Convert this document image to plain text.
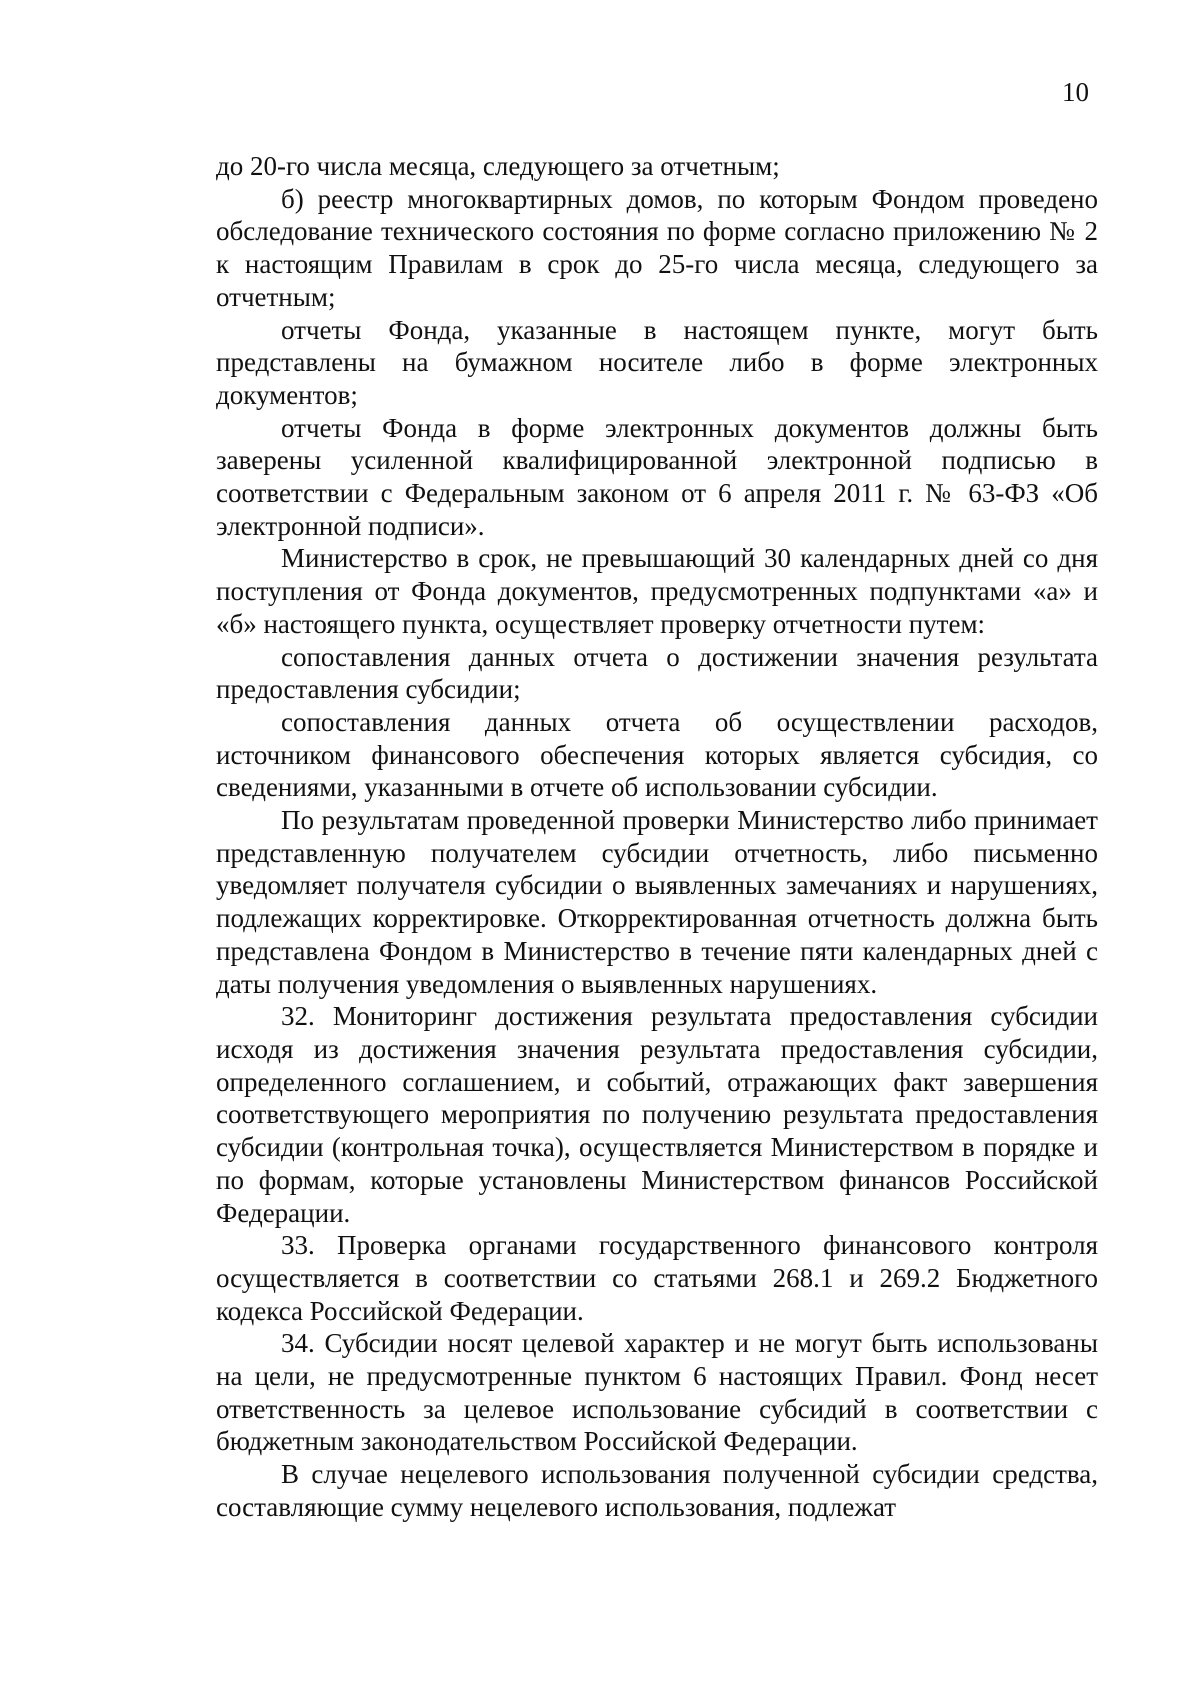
10

до 20-го числа месяца, следующего за отчетным;

б) реестр многоквартирных домов, по которым Фондом проведено обследование технического состояния по форме согласно приложению № 2 к настоящим Правилам в срок до 25-го числа месяца, следующего за отчетным;

отчеты Фонда, указанные в настоящем пункте, могут быть представлены на бумажном носителе либо в форме электронных документов;

отчеты Фонда в форме электронных документов должны быть заверены усиленной квалифицированной электронной подписью в соответствии с Федеральным законом от 6 апреля 2011 г. № 63-ФЗ «Об электронной подписи».

Министерство в срок, не превышающий 30 календарных дней со дня поступления от Фонда документов, предусмотренных подпунктами «а» и «б» настоящего пункта, осуществляет проверку отчетности путем:

сопоставления данных отчета о достижении значения результата предоставления субсидии;

сопоставления данных отчета об осуществлении расходов, источником финансового обеспечения которых является субсидия, со сведениями, указанными в отчете об использовании субсидии.

По результатам проведенной проверки Министерство либо принимает представленную получателем субсидии отчетность, либо письменно уведомляет получателя субсидии о выявленных замечаниях и нарушениях, подлежащих корректировке. Откорректированная отчетность должна быть представлена Фондом в Министерство в течение пяти календарных дней с даты получения уведомления о выявленных нарушениях.

32. Мониторинг достижения результата предоставления субсидии исходя из достижения значения результата предоставления субсидии, определенного соглашением, и событий, отражающих факт завершения соответствующего мероприятия по получению результата предоставления субсидии (контрольная точка), осуществляется Министерством в порядке и по формам, которые установлены Министерством финансов Российской Федерации.

33. Проверка органами государственного финансового контроля осуществляется в соответствии со статьями 268.1 и 269.2 Бюджетного кодекса Российской Федерации.

34. Субсидии носят целевой характер и не могут быть использованы на цели, не предусмотренные пунктом 6 настоящих Правил. Фонд несет ответственность за целевое использование субсидий в соответствии с бюджетным законодательством Российской Федерации.

В случае нецелевого использования полученной субсидии средства, составляющие сумму нецелевого использования, подлежат
